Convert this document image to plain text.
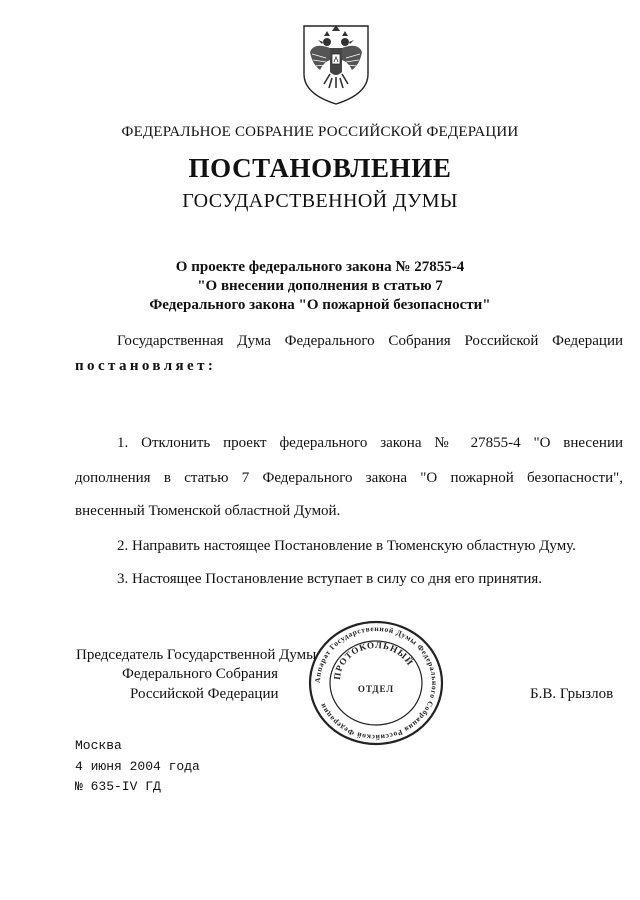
ФЕДЕРАЛЬНОЕ СОБРАНИЕ РОССИЙСКОЙ ФЕДЕРАЦИИ
ПОСТАНОВЛЕНИЕ
ГОСУДАРСТВЕННОЙ ДУМЫ
О проекте федерального закона № 27855-4
"О внесении дополнения в статью 7
Федерального закона "О пожарной безопасности"
Государственная Дума Федерального Собрания Российской Федерации
постановляет:
1. Отклонить проект федерального закона № 27855-4 "О внесении
дополнения в статью 7 Федерального закона "О пожарной безопасности",
внесенный Тюменской областной Думой.
2. Направить настоящее Постановление в Тюменскую областную Думу.
3. Настоящее Постановление вступает в силу со дня его принятия.
Председатель Государственной Думы
Федерального Собрания
Российской Федерации	Б.В. Грызлов
Аппарат Государственной Думы Федерального Собрания Российской Федерации
ПРОТОКОЛЬНЫЙ
ОТДЕЛ
Москва
4 июня 2004 года
№ 635-IV ГД
